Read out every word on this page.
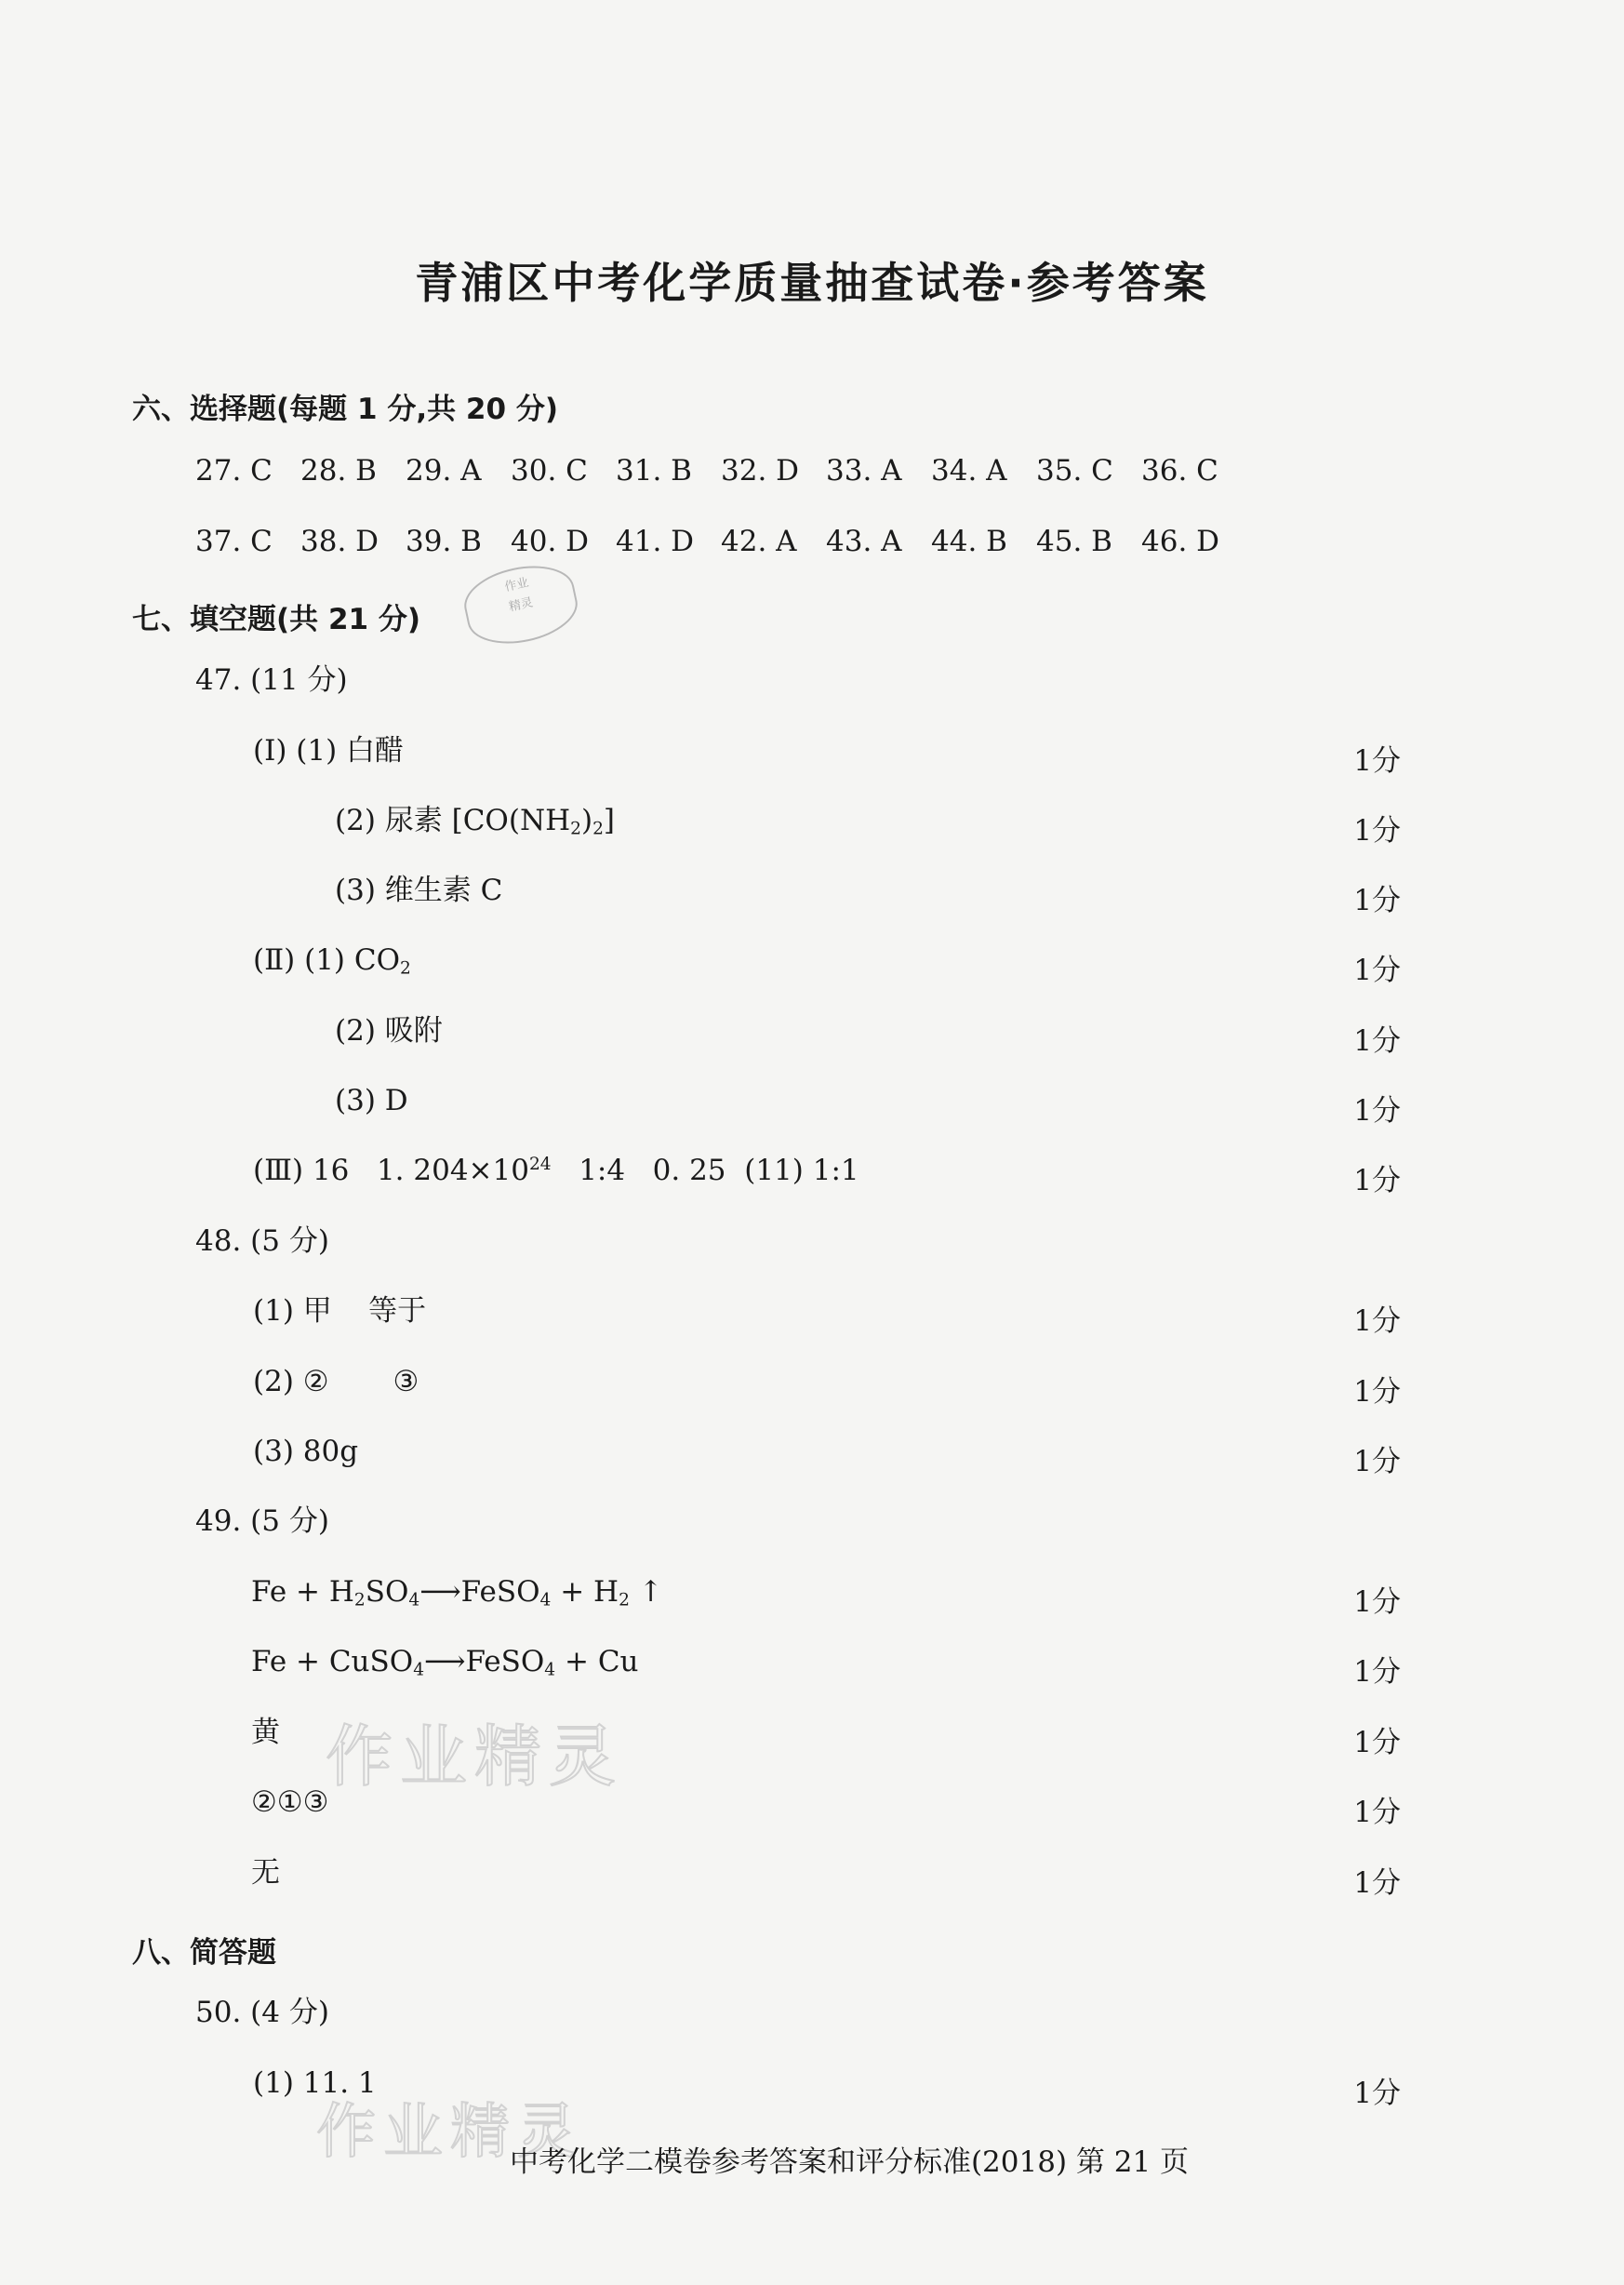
青浦区中考化学质量抽查试卷·参考答案
六、选择题(每题 1 分,共 20 分)
27. C 28. B	29. A	30. C 31. B	32. D 33. A	34. A	35. C 36. C
37. C 38. D 39. B	40. D 41. D 42. A	43. A	44. B	45. B	46. D
七、填空题(共 21 分)
作业
精灵
47. (11 分)
(Ⅰ) (1) 白醋	1分
(2) 尿素 $[CO(NH_2)_2]$	1分
(3) 维生素 C	1分
(Ⅱ) (1) $CO_2$	1分
(2) 吸附	1分
(3) D	1分
(Ⅲ) 16   1. $204\times 10^{24}$   1:4   0. 25  (11) 1:1	1分
48. (5 分)
(1) 甲    等于	1分
(2) ②       ③	1分
(3) 80g	1分
49. (5 分)
$Fe + H_2SO_4⟶FeSO_4 + H_2$ ↑	1分
Fe + CuSO$_4$⟶FeSO$_4$ + Cu	1分
作业精灵
黄	1分
②①③	1分
无	1分
八、简答题
50. (4 分)
(1) 11. 1	1分
作业精灵
中考化学二模卷参考答案和评分标准(2018) 第 21 页
